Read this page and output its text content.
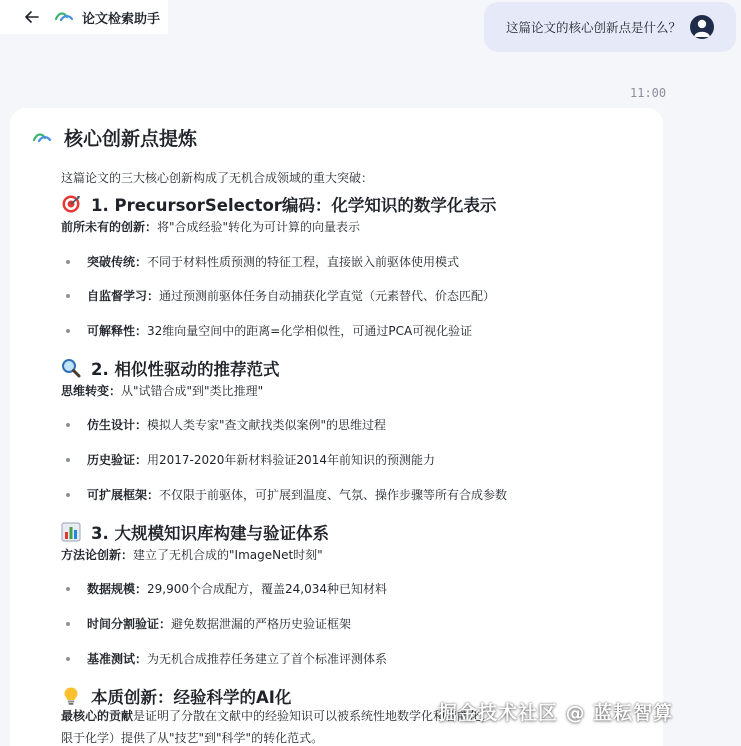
论文检索助手
这篇论文的核心创新点是什么？
11:00
核心创新点提炼
这篇论文的三大核心创新构成了无机合成领域的重大突破：
1. PrecursorSelector编码：化学知识的数学化表示
前所未有的创新：将"合成经验"转化为可计算的向量表示
突破传统： 不同于材料性质预测的特征工程，直接嵌入前驱体使用模式
自监督学习： 通过预测前驱体任务自动捕获化学直觉（元素替代、价态匹配）
可解释性： 32维向量空间中的距离=化学相似性，可通过PCA可视化验证
2. 相似性驱动的推荐范式
思维转变：从"试错合成"到"类比推理"
仿生设计： 模拟人类专家"查文献找类似案例"的思维过程
历史验证： 用2017-2020年新材料验证2014年前知识的预测能力
可扩展框架： 不仅限于前驱体，可扩展到温度、气氛、操作步骤等所有合成参数
3. 大规模知识库构建与验证体系
方法论创新：建立了无机合成的"ImageNet时刻"
数据规模： 29,900个合成配方，覆盖24,034种已知材料
时间分割验证： 避免数据泄漏的严格历史验证框架
基准测试： 为无机合成推荐任务建立了首个标准评测体系
本质创新：经验科学的AI化
最核心的贡献是证明了分散在文献中的经验知识可以被系统性地数学化和智能化，
限于化学）提供了从"技艺"到"科学"的转化范式。
掘金技术社区 @ 蓝耘智算
